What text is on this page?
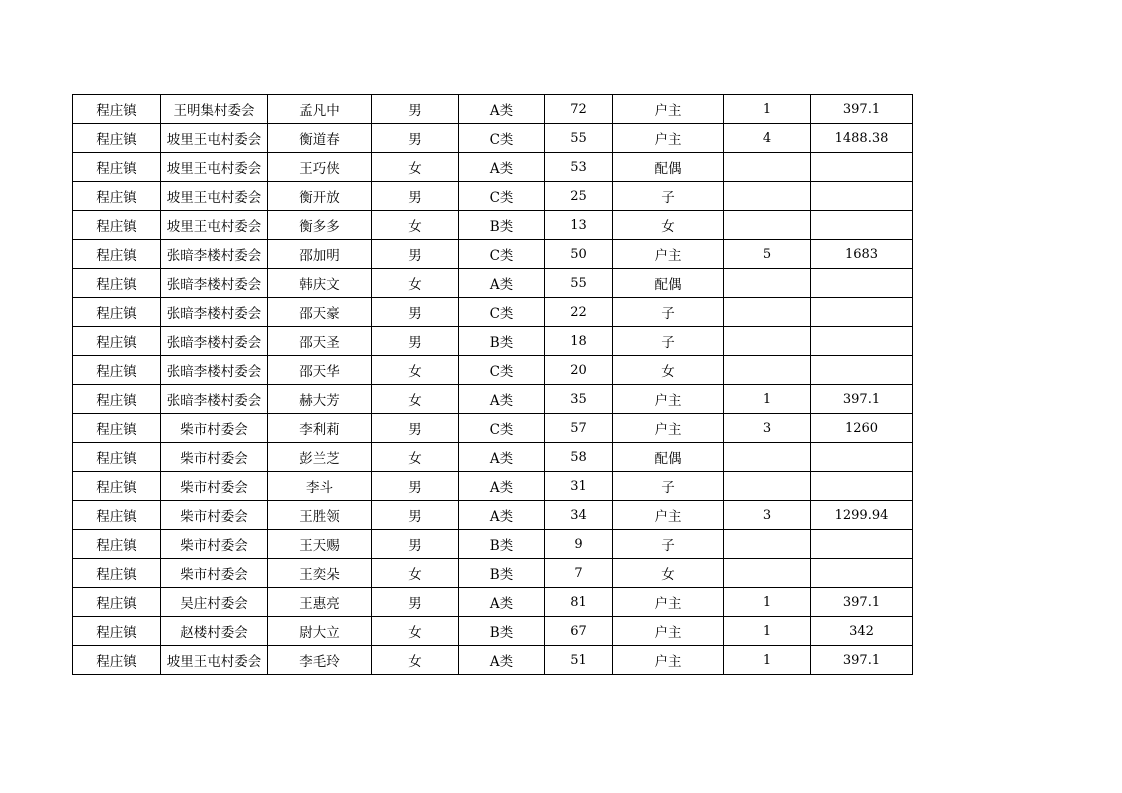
程庄镇	王明集村委会	孟凡中	男	A类	72	户主	1	397.1
程庄镇	坡里王屯村委会	衡道春	男	C类	55	户主	4	1488.38
程庄镇	坡里王屯村委会	王巧侠	女	A类	53	配偶		
程庄镇	坡里王屯村委会	衡开放	男	C类	25	子		
程庄镇	坡里王屯村委会	衡多多	女	B类	13	女		
程庄镇	张暗李楼村委会	邵加明	男	C类	50	户主	5	1683
程庄镇	张暗李楼村委会	韩庆文	女	A类	55	配偶		
程庄镇	张暗李楼村委会	邵天豪	男	C类	22	子		
程庄镇	张暗李楼村委会	邵天圣	男	B类	18	子		
程庄镇	张暗李楼村委会	邵天华	女	C类	20	女		
程庄镇	张暗李楼村委会	赫大芳	女	A类	35	户主	1	397.1
程庄镇	柴市村委会	李利莉	男	C类	57	户主	3	1260
程庄镇	柴市村委会	彭兰芝	女	A类	58	配偶		
程庄镇	柴市村委会	李斗	男	A类	31	子		
程庄镇	柴市村委会	王胜领	男	A类	34	户主	3	1299.94
程庄镇	柴市村委会	王天赐	男	B类	9	子		
程庄镇	柴市村委会	王奕朵	女	B类	7	女		
程庄镇	吴庄村委会	王惠亮	男	A类	81	户主	1	397.1
程庄镇	赵楼村委会	尉大立	女	B类	67	户主	1	342
程庄镇	坡里王屯村委会	李毛玲	女	A类	51	户主	1	397.1
